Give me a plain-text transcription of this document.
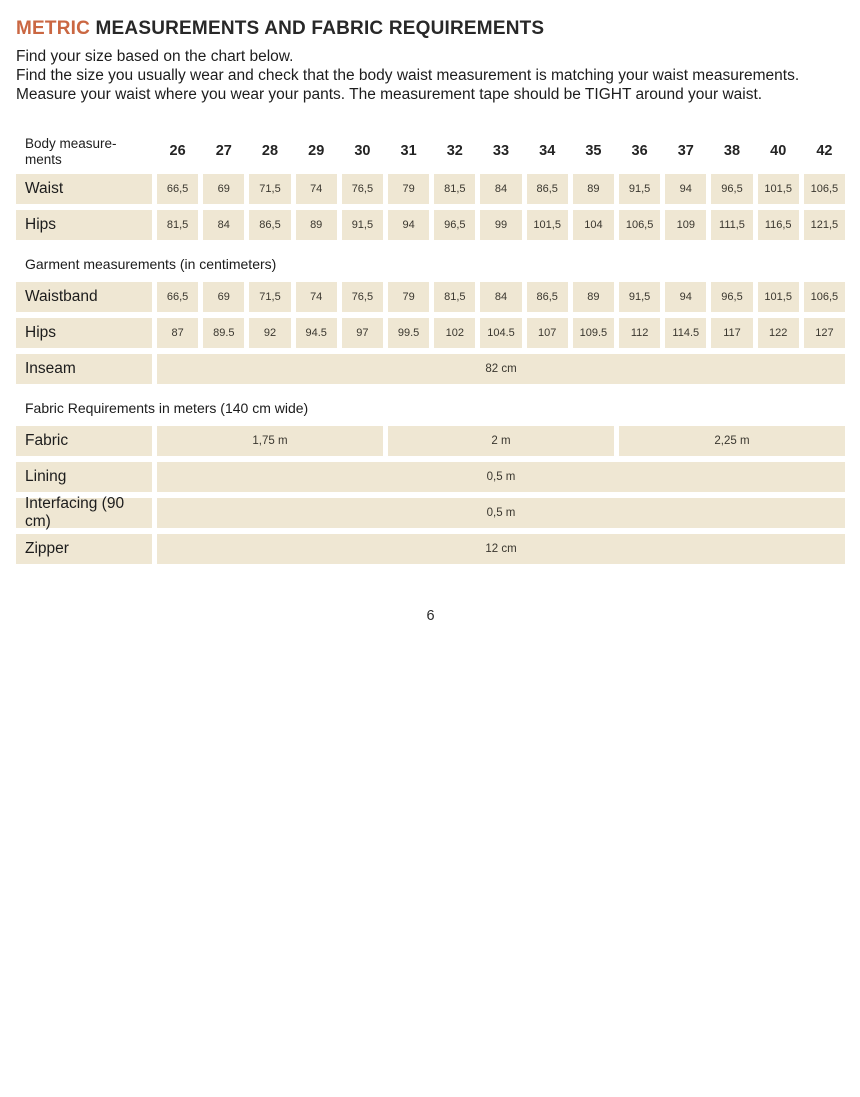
METRIC MEASUREMENTS AND FABRIC REQUIREMENTS

Find your size based on the chart below.

Find the size you usually wear and check that the body waist measurement is matching your waist measurements.

Measure your waist where you wear your pants. The measurement tape should be TIGHT around your waist.

Body measure-
ments
26	27	28	29	30	31	32	33	34	35	36	37	38	40	42
Waist	66,5	69	71,5	74	76,5	79	81,5	84	86,5	89	91,5	94	96,5	101,5	106,5
Hips	81,5	84	86,5	89	91,5	94	96,5	99	101,5	104	106,5	109	111,5	116,5	121,5
Garment measurements (in centimeters)
Waistband	66,5	69	71,5	74	76,5	79	81,5	84	86,5	89	91,5	94	96,5	101,5	106,5
Hips	87	89.5	92	94.5	97	99.5	102	104.5	107	109.5	112	114.5	117	122	127
Inseam	82 cm
Fabric Requirements in meters (140 cm wide)
Fabric	1,75 m	2 m	2,25 m
Lining	0,5 m
Interfacing (90 cm)	0,5 m
Zipper	12 cm
6
